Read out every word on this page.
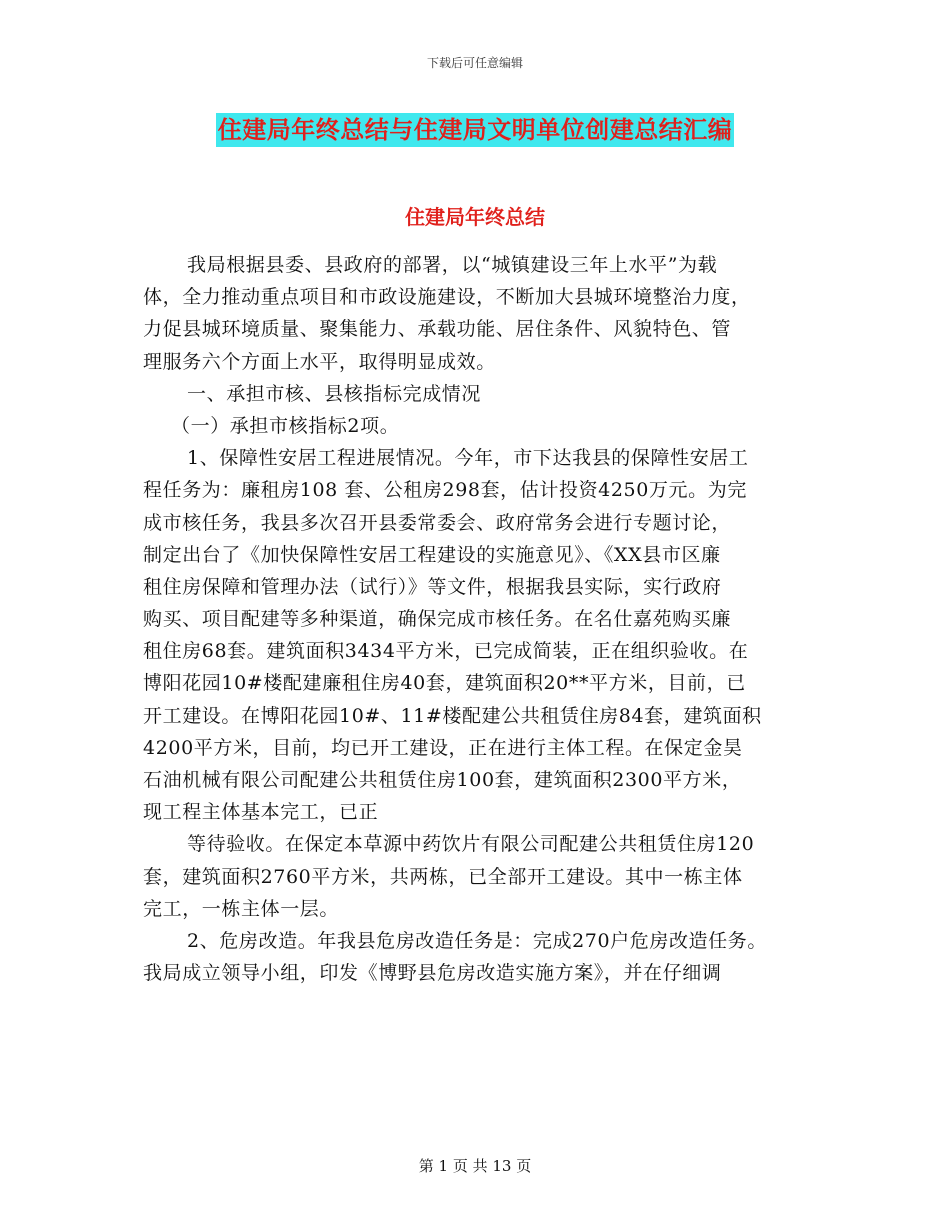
下载后可任意编辑
住建局年终总结与住建局文明单位创建总结汇编
住建局年终总结
我局根据县委、县政府的部署，以“城镇建设三年上水平”为载
体，全力推动重点项目和市政设施建设，不断加大县城环境整治力度，
力促县城环境质量、聚集能力、承载功能、居住条件、风貌特色、管
理服务六个方面上水平，取得明显成效。
一、承担市核、县核指标完成情况
（一）承担市核指标2项。
1、保障性安居工程进展情况。今年，市下达我县的保障性安居工
程任务为：廉租房108 套、公租房298套，估计投资4250万元。为完
成市核任务，我县多次召开县委常委会、政府常务会进行专题讨论，
制定出台了《加快保障性安居工程建设的实施意见》、《XX县市区廉
租住房保障和管理办法（试行）》等文件，根据我县实际，实行政府
购买、项目配建等多种渠道，确保完成市核任务。在名仕嘉苑购买廉
租住房68套。建筑面积3434平方米，已完成简装，正在组织验收。在
博阳花园10#楼配建廉租住房40套，建筑面积20**平方米，目前，已
开工建设。在博阳花园10#、11#楼配建公共租赁住房84套，建筑面积
4200平方米，目前，均已开工建设，正在进行主体工程。在保定金昊
石油机械有限公司配建公共租赁住房100套，建筑面积2300平方米，
现工程主体基本完工，已正
等待验收。在保定本草源中药饮片有限公司配建公共租赁住房120
套，建筑面积2760平方米，共两栋，已全部开工建设。其中一栋主体
完工，一栋主体一层。
2、危房改造。年我县危房改造任务是：完成270户危房改造任务。
我局成立领导小组，印发《博野县危房改造实施方案》，并在仔细调
第 1 页 共 13 页
